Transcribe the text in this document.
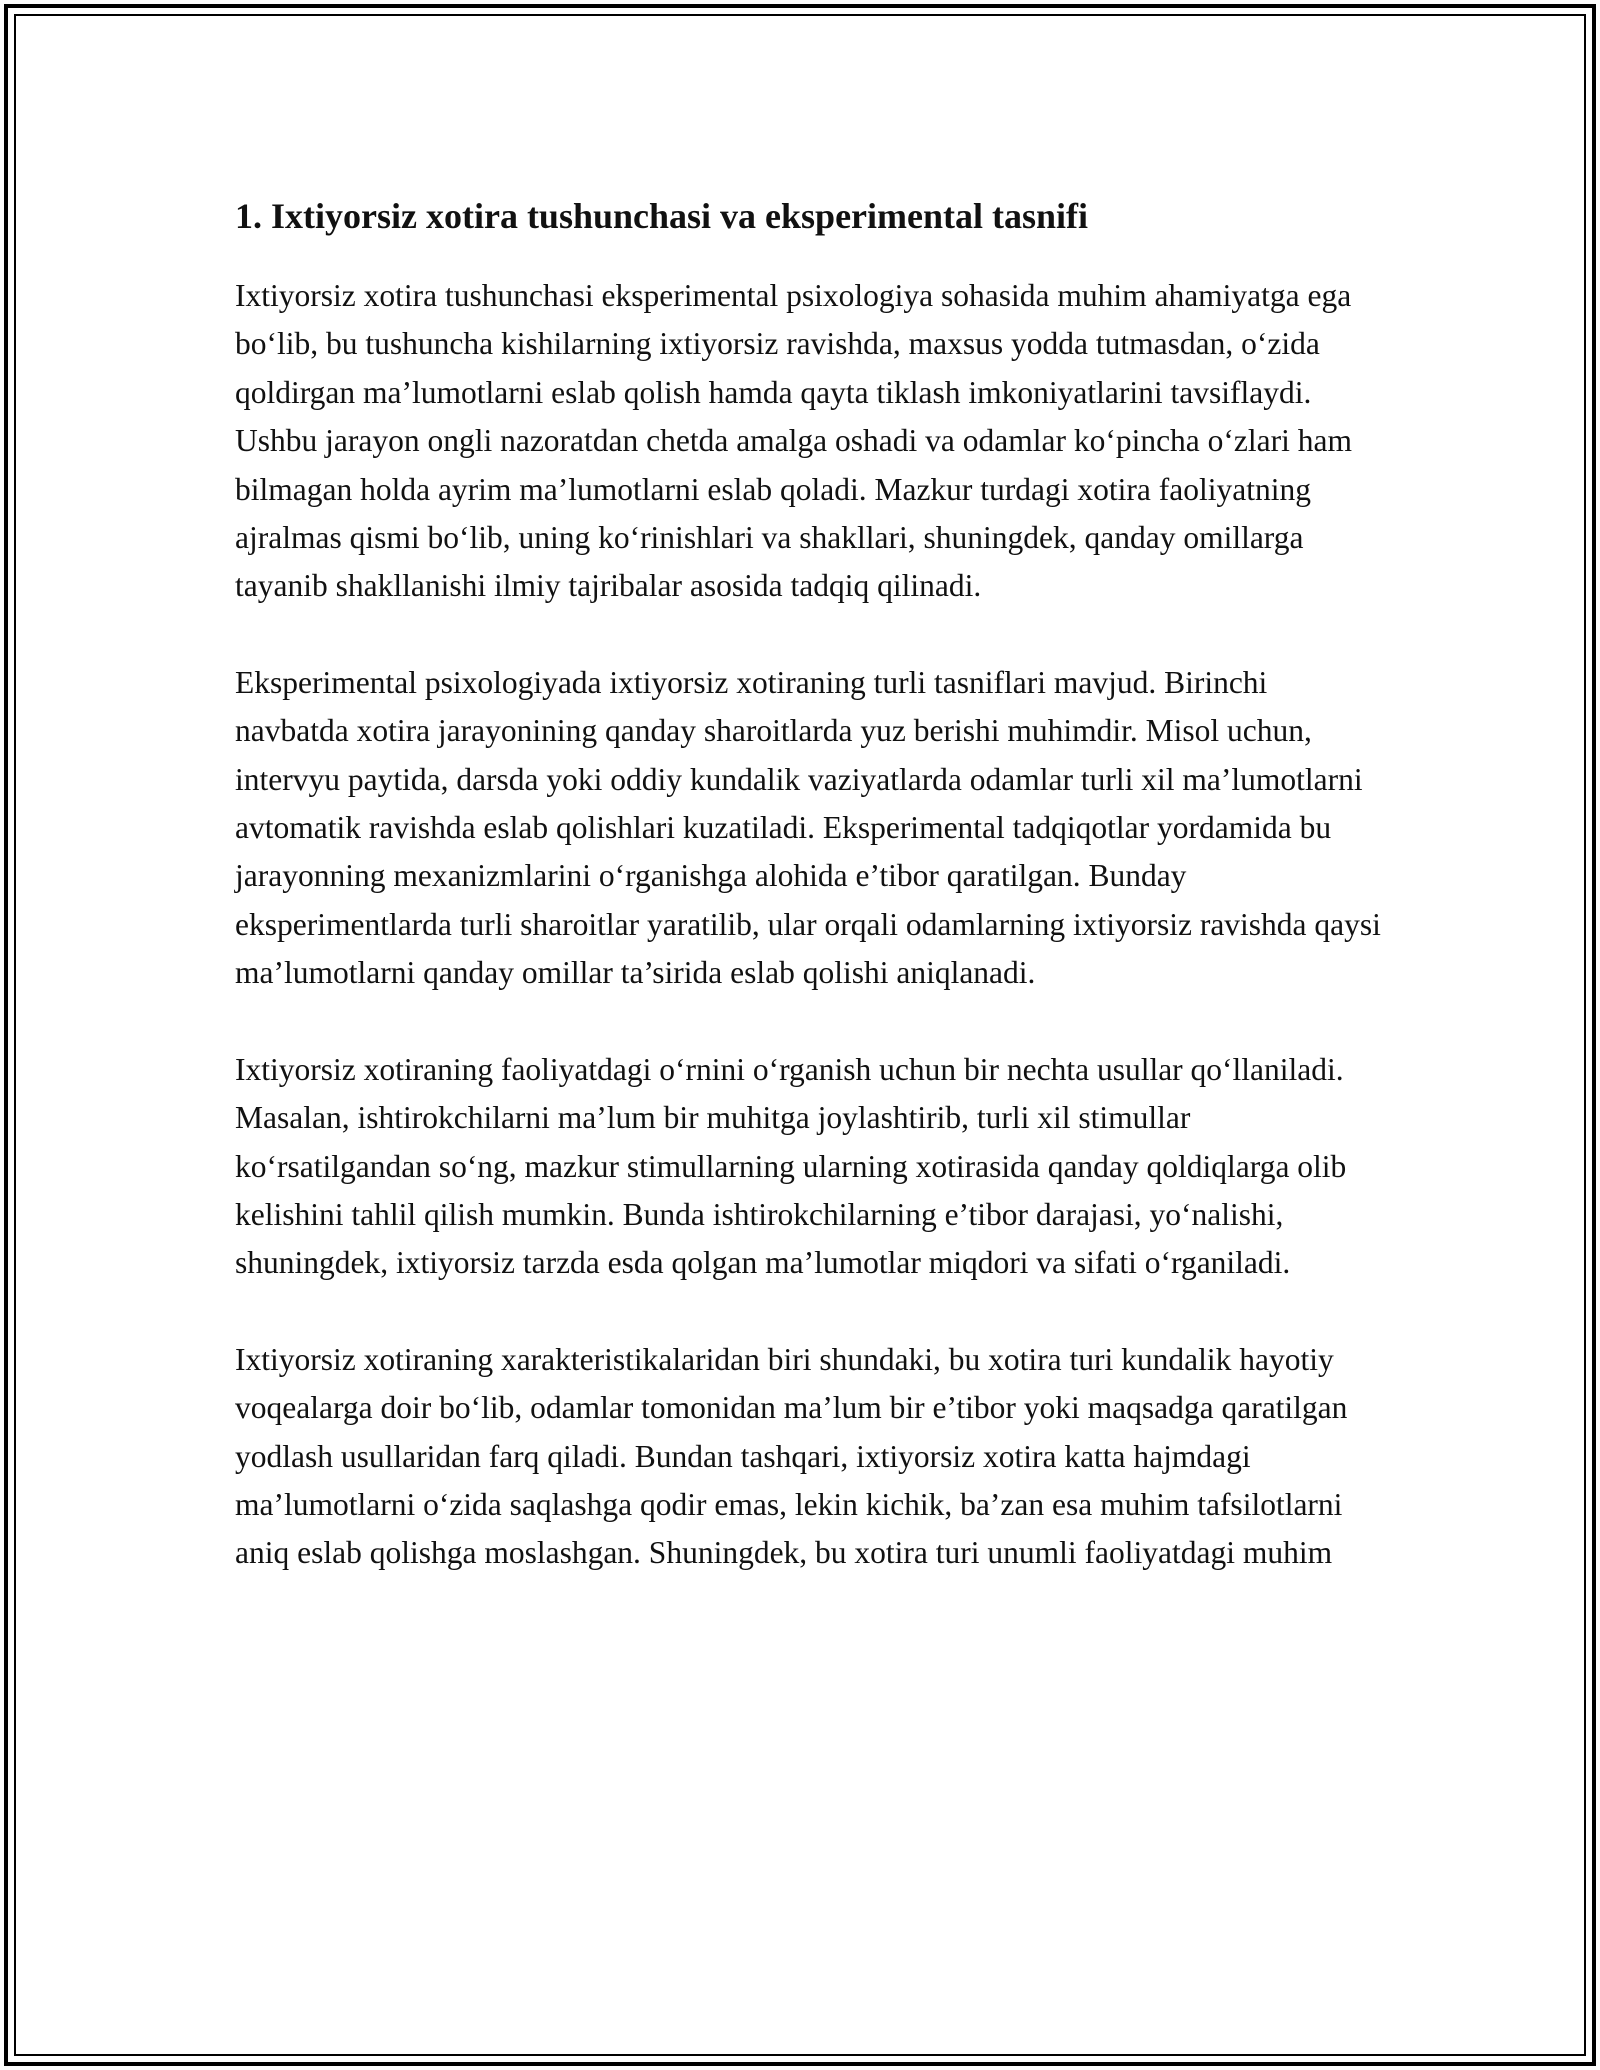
1. Ixtiyorsiz xotira tushunchasi va eksperimental tasnifi

Ixtiyorsiz xotira tushunchasi eksperimental psixologiya sohasida muhim ahamiyatga ega bo‘lib, bu tushuncha kishilarning ixtiyorsiz ravishda, maxsus yodda tutmasdan, o‘zida qoldirgan ma’lumotlarni eslab qolish hamda qayta tiklash imkoniyatlarini tavsiflaydi. Ushbu jarayon ongli nazoratdan chetda amalga oshadi va odamlar ko‘pincha o‘zlari ham bilmagan holda ayrim ma’lumotlarni eslab qoladi. Mazkur turdagi xotira faoliyatning ajralmas qismi bo‘lib, uning ko‘rinishlari va shakllari, shuningdek, qanday omillarga tayanib shakllanishi ilmiy tajribalar asosida tadqiq qilinadi.

Eksperimental psixologiyada ixtiyorsiz xotiraning turli tasniflari mavjud. Birinchi navbatda xotira jarayonining qanday sharoitlarda yuz berishi muhimdir. Misol uchun, intervyu paytida, darsda yoki oddiy kundalik vaziyatlarda odamlar turli xil ma’lumotlarni avtomatik ravishda eslab qolishlari kuzatiladi. Eksperimental tadqiqotlar yordamida bu jarayonning mexanizmlarini o‘rganishga alohida e’tibor qaratilgan. Bunday eksperimentlarda turli sharoitlar yaratilib, ular orqali odamlarning ixtiyorsiz ravishda qaysi ma’lumotlarni qanday omillar ta’sirida eslab qolishi aniqlanadi.

Ixtiyorsiz xotiraning faoliyatdagi o‘rnini o‘rganish uchun bir nechta usullar qo‘llaniladi. Masalan, ishtirokchilarni ma’lum bir muhitga joylashtirib, turli xil stimullar ko‘rsatilgandan so‘ng, mazkur stimullarning ularning xotirasida qanday qoldiqlarga olib kelishini tahlil qilish mumkin. Bunda ishtirokchilarning e’tibor darajasi, yo‘nalishi, shuningdek, ixtiyorsiz tarzda esda qolgan ma’lumotlar miqdori va sifati o‘rganiladi.

Ixtiyorsiz xotiraning xarakteristikalaridan biri shundaki, bu xotira turi kundalik hayotiy voqealarga doir bo‘lib, odamlar tomonidan ma’lum bir e’tibor yoki maqsadga qaratilgan yodlash usullaridan farq qiladi. Bundan tashqari, ixtiyorsiz xotira katta hajmdagi ma’lumotlarni o‘zida saqlashga qodir emas, lekin kichik, ba’zan esa muhim tafsilotlarni aniq eslab qolishga moslashgan. Shuningdek, bu xotira turi unumli faoliyatdagi muhim
